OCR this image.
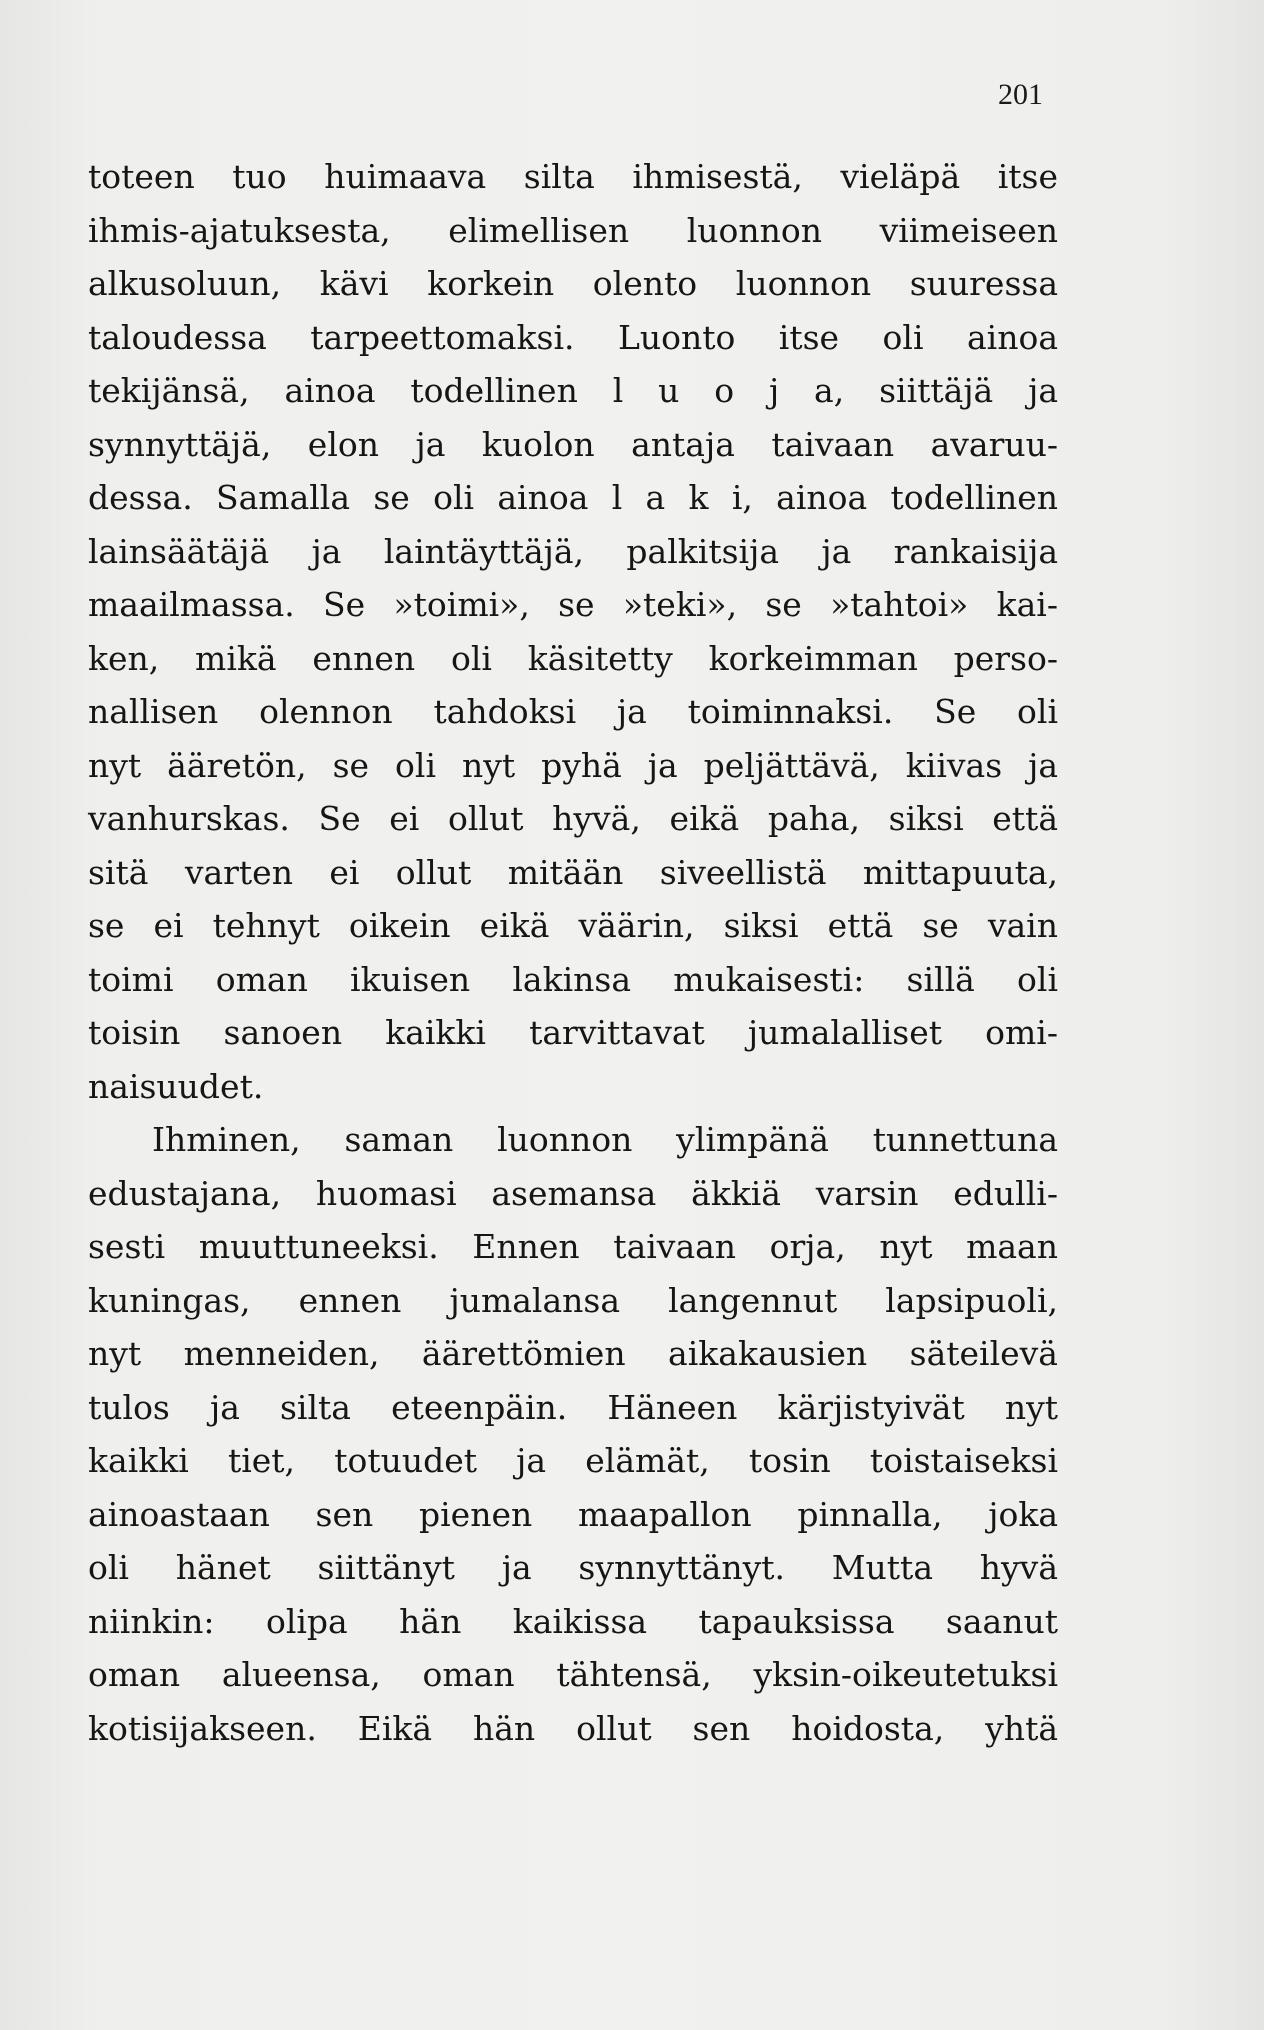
201

toteen tuo huimaava silta ihmisestä, vieläpä itse
ihmis-ajatuksesta, elimellisen luonnon viimeiseen
alkusoluun, kävi korkein olento luonnon suuressa
taloudessa tarpeettomaksi. Luonto itse oli ainoa
tekijänsä, ainoa todellinen l u o j a, siittäjä ja
synnyttäjä, elon ja kuolon antaja taivaan avaruu-
dessa. Samalla se oli ainoa l a k i, ainoa todellinen
lainsäätäjä ja laintäyttäjä, palkitsija ja rankaisija
maailmassa. Se »toimi», se »teki», se »tahtoi» kai-
ken, mikä ennen oli käsitetty korkeimman perso-
nallisen olennon tahdoksi ja toiminnaksi. Se oli
nyt ääretön, se oli nyt pyhä ja peljättävä, kiivas ja
vanhurskas. Se ei ollut hyvä, eikä paha, siksi että
sitä varten ei ollut mitään siveellistä mittapuuta,
se ei tehnyt oikein eikä väärin, siksi että se vain
toimi oman ikuisen lakinsa mukaisesti: sillä oli
toisin sanoen kaikki tarvittavat jumalalliset omi-
naisuudet.
Ihminen, saman luonnon ylimpänä tunnettuna
edustajana, huomasi asemansa äkkiä varsin edulli-
sesti muuttuneeksi. Ennen taivaan orja, nyt maan
kuningas, ennen jumalansa langennut lapsipuoli,
nyt menneiden, äärettömien aikakausien säteilevä
tulos ja silta eteenpäin. Häneen kärjistyivät nyt
kaikki tiet, totuudet ja elämät, tosin toistaiseksi
ainoastaan sen pienen maapallon pinnalla, joka
oli hänet siittänyt ja synnyttänyt. Mutta hyvä
niinkin: olipa hän kaikissa tapauksissa saanut
oman alueensa, oman tähtensä, yksin-oikeutetuksi
kotisijakseen. Eikä hän ollut sen hoidosta, yhtä
